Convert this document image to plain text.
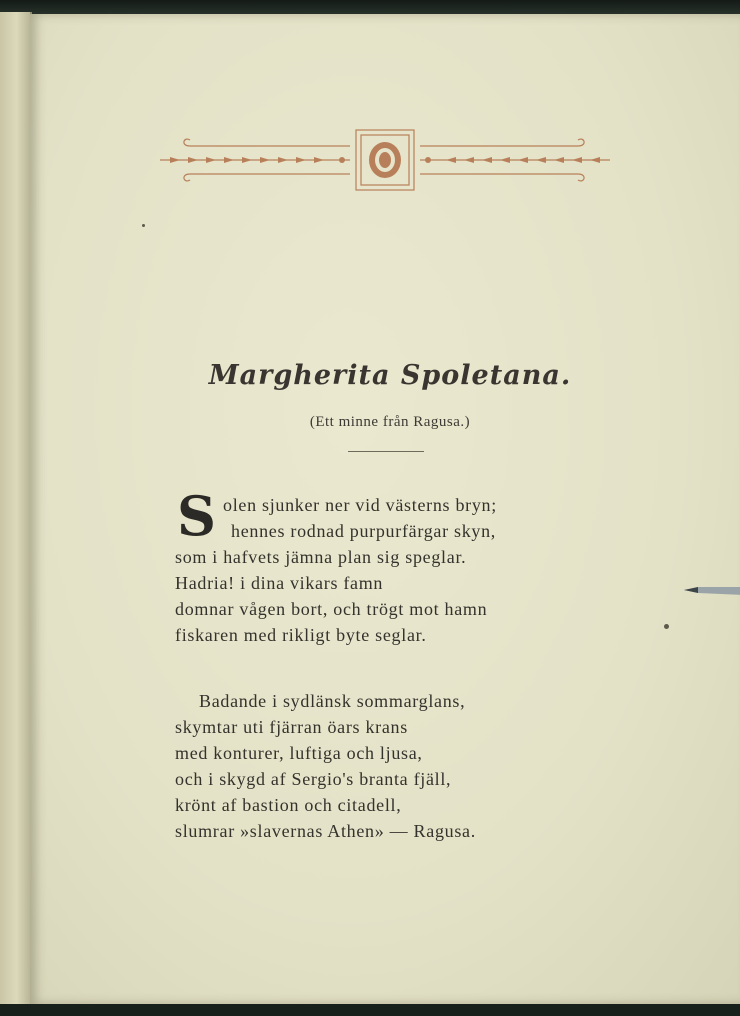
Margherita Spoletana.
(Ett minne från Ragusa.)
S olen sjunker ner vid västerns bryn;
hennes rodnad purpurfärgar skyn,
som i hafvets jämna plan sig speglar.
Hadria! i dina vikars famn
domnar vågen bort, och trögt mot hamn
fiskaren med rikligt byte seglar.
Badande i sydlänsk sommarglans,
skymtar uti fjärran öars krans
med konturer, luftiga och ljusa,
och i skygd af Sergio's branta fjäll,
krönt af bastion och citadell,
slumrar »slavernas Athen» — Ragusa.
